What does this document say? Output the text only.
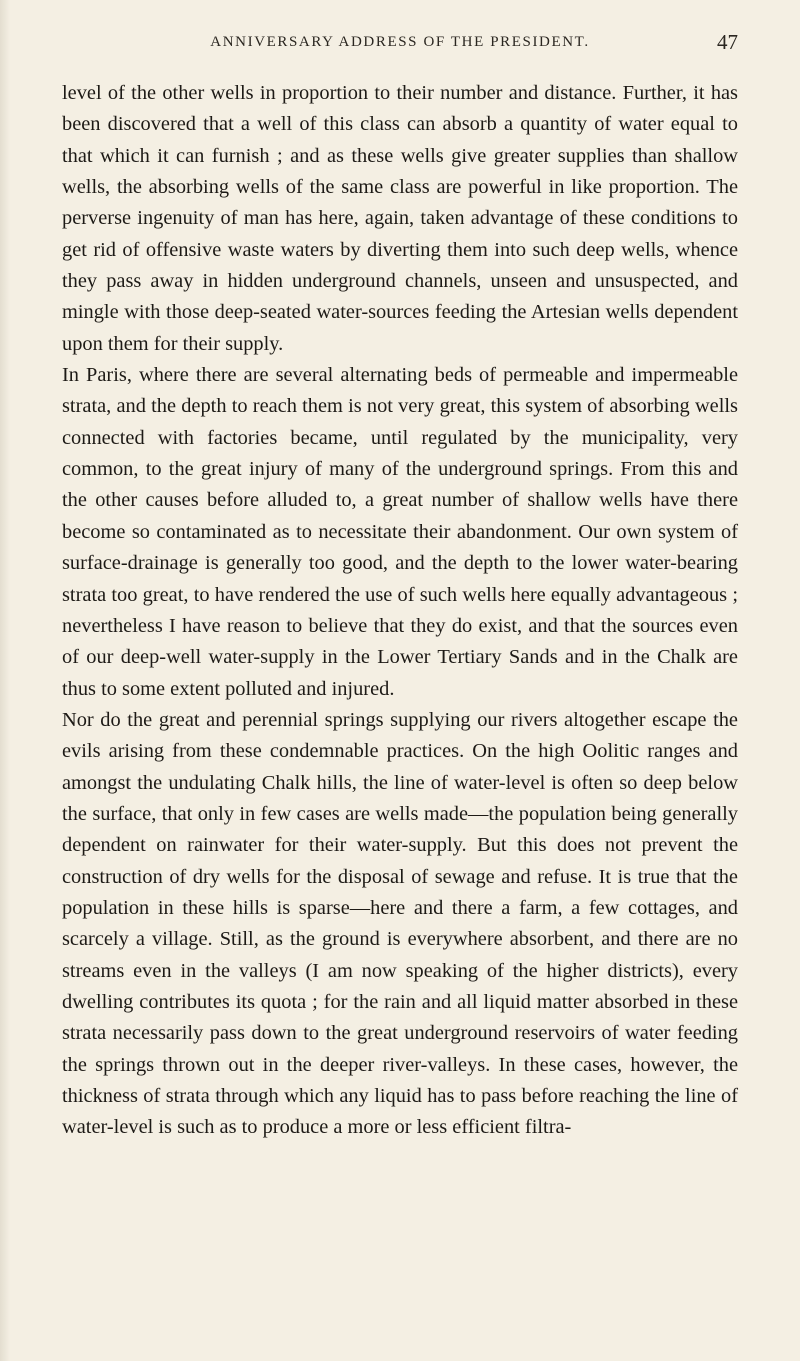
ANNIVERSARY ADDRESS OF THE PRESIDENT.	47

level of the other wells in proportion to their number and distance. Further, it has been discovered that a well of this class can absorb a quantity of water equal to that which it can furnish ; and as these wells give greater supplies than shallow wells, the absorbing wells of the same class are powerful in like proportion. The perverse ingenuity of man has here, again, taken advantage of these conditions to get rid of offensive waste waters by diverting them into such deep wells, whence they pass away in hidden underground channels, unseen and unsuspected, and mingle with those deep-seated water-sources feeding the Artesian wells dependent upon them for their supply.

In Paris, where there are several alternating beds of permeable and impermeable strata, and the depth to reach them is not very great, this system of absorbing wells connected with factories became, until regulated by the municipality, very common, to the great injury of many of the underground springs. From this and the other causes before alluded to, a great number of shallow wells have there become so contaminated as to necessitate their abandonment. Our own system of surface-drainage is generally too good, and the depth to the lower water-bearing strata too great, to have rendered the use of such wells here equally advantageous ; nevertheless I have reason to believe that they do exist, and that the sources even of our deep-well water-supply in the Lower Tertiary Sands and in the Chalk are thus to some extent polluted and injured.

Nor do the great and perennial springs supplying our rivers altogether escape the evils arising from these condemnable practices. On the high Oolitic ranges and amongst the undulating Chalk hills, the line of water-level is often so deep below the surface, that only in few cases are wells made—the population being generally dependent on rainwater for their water-supply. But this does not prevent the construction of dry wells for the disposal of sewage and refuse. It is true that the population in these hills is sparse—here and there a farm, a few cottages, and scarcely a village. Still, as the ground is everywhere absorbent, and there are no streams even in the valleys (I am now speaking of the higher districts), every dwelling contributes its quota ; for the rain and all liquid matter absorbed in these strata necessarily pass down to the great underground reservoirs of water feeding the springs thrown out in the deeper river-valleys. In these cases, however, the thickness of strata through which any liquid has to pass before reaching the line of water-level is such as to produce a more or less efficient filtra-
